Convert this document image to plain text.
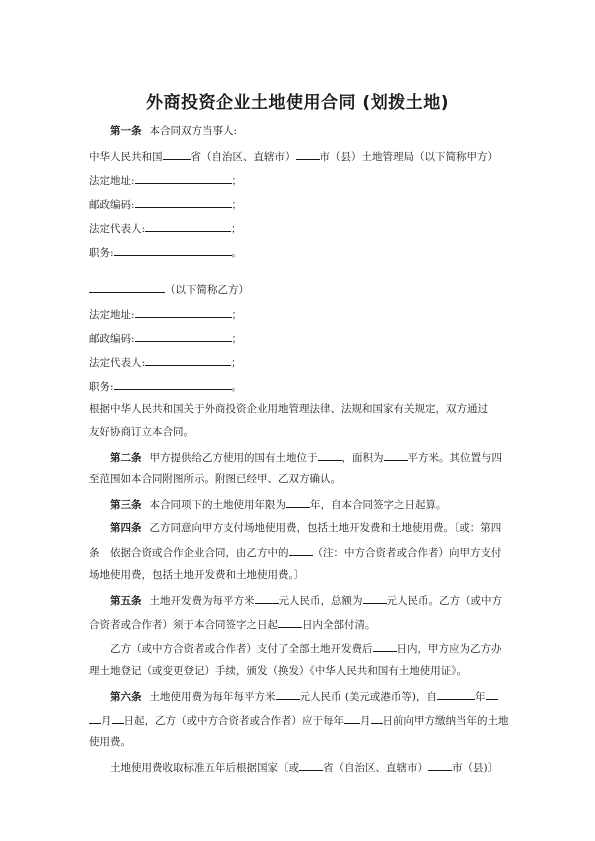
外商投资企业土地使用合同 (划拨土地)
第一条 本合同双方当事人:
中华人民共和国	省（自治区、直辖市） 市（县）土地管理局（以下简称甲方）
法定地址:	；
邮政编码:	；
法定代表人:	；
职务:	。
（以下简称乙方）
法定地址:	；
邮政编码:	；
法定代表人:	；
职务:	。
根据中华人民共和国关于外商投资企业用地管理法律、法规和国家有关规定，双方通过
友好协商订立本合同。
第二条 甲方提供给乙方使用的国有土地位于 ，面积为 平方米。其位置与四
至范围如本合同附图所示。附图已经甲、乙双方确认。
第三条 本合同项下的土地使用年限为 年，自本合同签字之日起算。
第四条 乙方同意向甲方支付场地使用费，包括土地开发费和土地使用费。〔或：第四
条　依据合资或合作企业合同，由乙方中的 （注：中方合资者或合作者）向甲方支付
场地使用费，包括土地开发费和土地使用费。〕
第五条 土地开发费为每平方米 元人民币，总额为 元人民币。乙方（或中方
合资者或合作者）须于本合同签字之日起 日内全部付清。
乙方（或中方合资者或合作者）支付了全部土地开发费后 日内，甲方应为乙方办
理土地登记（或变更登记）手续，颁发（换发）《中华人民共和国有土地使用证》。
第六条 土地使用费为每年每平方米 元人民币 (美元或港币等)，自	年
月 日起，乙方（或中方合资者或合作者）应于每年 月 日前向甲方缴纳当年的土地
使用费。
土地使用费收取标准五年后根据国家〔或 省（自治区、直辖市） 市（县)〕
